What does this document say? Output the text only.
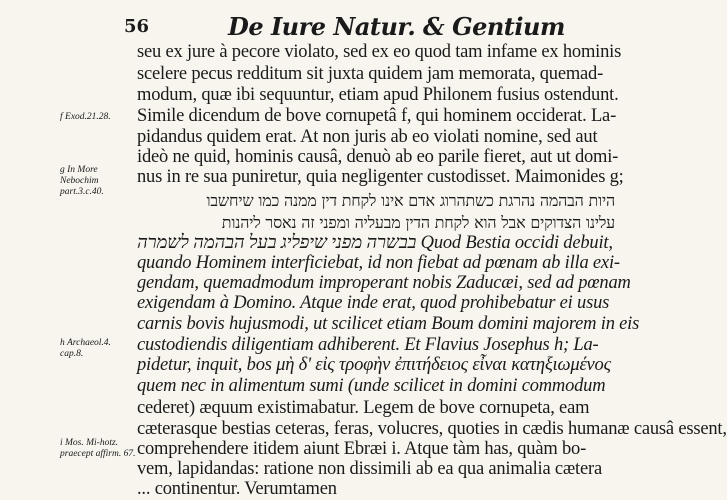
56	De Iure Natur. & Gentium
f Exod.21.28.
g In More Nebochim part.3.c.40.
h Archaeol.4. cap.8.
i Mos. Mi-hotz. praecept affirm. 67.
seu ex jure à pecore violato, sed ex eo quod tam infame ex hominis
scelere pecus redditum sit juxta quidem jam memorata, quemad-
modum, quæ ibi sequuntur, etiam apud Philonem fusius ostendunt.
Simile dicendum de bove cornupetâ f, qui hominem occiderat. La-
pidandus quidem erat. At non juris ab eo violati nomine, sed aut
ideò ne quid, hominis causâ, denuò ab eo parile fieret, aut ut domi-
nus in re sua puniretur, quia negligenter custodisset. Maimonides g;
היות הבהמה נהרגת כשתהרוג אדם אינו לקחת דין ממנה כמו שיחשבו
עלינו הצדוקים אבל הוא לקחת הדין מבעליה ומפני זה נאסר ליהנות
בבשרה מפני שיפליג בעל הבהמה לשמרה Quod Bestia occidi debuit,
quando Hominem interficiebat, id non fiebat ad pœnam ab illa exi-
gendam, quemadmodum improperant nobis Zaducæi, sed ad pœnam
exigendam à Domino. Atque inde erat, quod prohibebatur ei usus
carnis bovis hujusmodi, ut scilicet etiam Boum domini majorem in eis
custodiendis diligentiam adhiberent. Et Flavius Josephus h; La-
pidetur, inquit, bos μὴ δ' εἰς τροφὴν ἐπιτήδειος εἶναι κατηξιωμένος
quem nec in alimentum sumi (unde scilicet in domini commodum
cederet) æquum existimabatur. Legem de bove cornupeta, eam
cæterasque bestias ceteras, feras, volucres, quoties in cædis humanæ causâ essent,
comprehendere itidem aiunt Ebræi i. Atque tàm has, quàm bo-
vem, lapidandas: ratione non dissimili ab ea qua animalia cætera
... continentur. Verumtamen
